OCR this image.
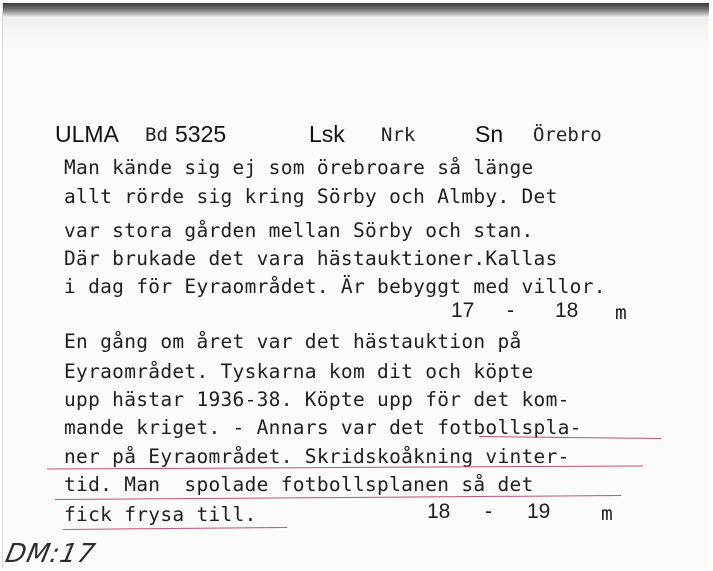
ULMA Bd 5325	Lsk Nrk	Sn Örebro
Man kände sig ej som örebroare så länge
allt rörde sig kring Sörby och Almby. Det
var stora gården mellan Sörby och stan.
Där brukade det vara hästauktioner.Kallas
i dag för Eyraområdet. Är bebyggt med villor.
17 - 18 m
En gång om året var det hästauktion på
Eyraområdet. Tyskarna kom dit och köpte
upp hästar 1936-38. Köpte upp för det kom-
mande kriget. - Annars var det fotbollspla-
ner på Eyraområdet. Skridskoåkning vinter-
tid. Man  spolade fotbollsplanen så det
fick frysa till.	18 - 19	m
DM:17
